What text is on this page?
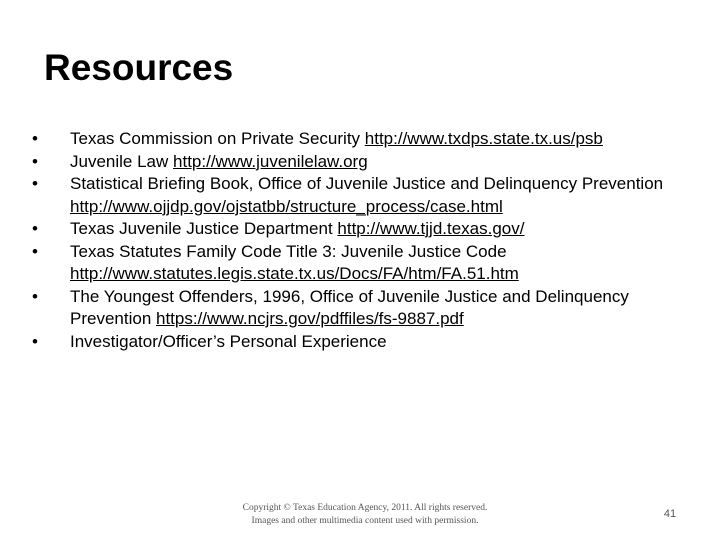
Resources
• Texas Commission on Private Security http://www.txdps.state.tx.us/psb
• Juvenile Law http://www.juvenilelaw.org
• Statistical Briefing Book, Office of Juvenile Justice and Delinquency Prevention http://www.ojjdp.gov/ojstatbb/structure_process/case.html
• Texas Juvenile Justice Department http://www.tjjd.texas.gov/
• Texas Statutes Family Code Title 3: Juvenile Justice Code http://www.statutes.legis.state.tx.us/Docs/FA/htm/FA.51.htm
• The Youngest Offenders, 1996, Office of Juvenile Justice and Delinquency Prevention https://www.ncjrs.gov/pdffiles/fs-9887.pdf
• Investigator/Officer’s Personal Experience
Copyright © Texas Education Agency, 2011. All rights reserved.
Images and other multimedia content used with permission.
41
